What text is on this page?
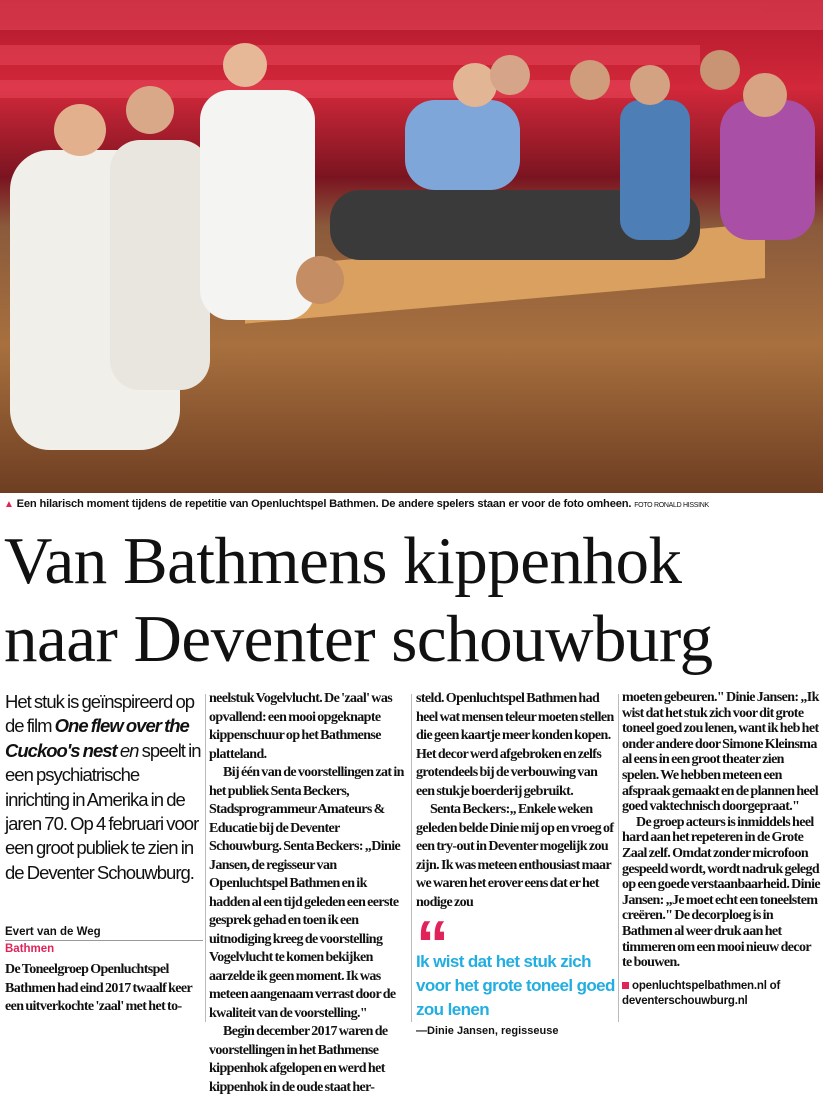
▲ Een hilarisch moment tijdens de repetitie van Openluchtspel Bathmen. De andere spelers staan er voor de foto omheen. FOTO RONALD HISSINK
Van Bathmens kippenhok
naar Deventer schouwburg
Het stuk is geïnspireerd op de film One flew over the Cuckoo's nest en speelt in een psychiatrische inrichting in Amerika in de jaren 70. Op 4 februari voor een groot publiek te zien in de Deventer Schouwburg.
Evert van de Weg
Bathmen

De Toneelgroep Openluchtspel Bathmen had eind 2017 twaalf keer een uitverkochte 'zaal' met het to-

neelstuk Vogelvlucht. De 'zaal' was opvallend: een mooi opgeknapte kippenschuur op het Bathmense platteland.

Bij één van de voorstellingen zat in het publiek Senta Beckers, Stadsprogrammeur Amateurs & Educatie bij de Deventer Schouwburg. Senta Beckers: „Dinie Jansen, de regisseur van Openluchtspel Bathmen en ik hadden al een tijd geleden een eerste gesprek gehad en toen ik een uitnodiging kreeg de voorstelling Vogelvlucht te komen bekijken aarzelde ik geen moment. Ik was meteen aangenaam verrast door de kwaliteit van de voorstelling."

Begin december 2017 waren de voorstellingen in het Bathmense kippenhok afgelopen en werd het kippenhok in de oude staat her-

steld. Openluchtspel Bathmen had heel wat mensen teleur moeten stellen die geen kaartje meer konden kopen. Het decor werd afgebroken en zelfs grotendeels bij de verbouwing van een stukje boerderij gebruikt.

Senta Beckers:„ Enkele weken geleden belde Dinie mij op en vroeg of een try-out in Deventer mogelijk zou zijn. Ik was meteen enthousiast maar we waren het erover eens dat er het nodige zou

“
Ik wist dat het stuk zich voor het grote toneel goed zou lenen
—Dinie Jansen, regisseuse

moeten gebeuren." Dinie Jansen: „Ik wist dat het stuk zich voor dit grote toneel goed zou lenen, want ik heb het onder andere door Simone Kleinsma al eens in een groot theater zien spelen. We hebben meteen een afspraak gemaakt en de plannen heel goed vaktechnisch doorgepraat."

De groep acteurs is inmiddels heel hard aan het repeteren in de Grote Zaal zelf. Omdat zonder microfoon gespeeld wordt, wordt nadruk gelegd op een goede verstaanbaarheid. Dinie Jansen: „Je moet echt een toneelstem creëren." De decorploeg is in Bathmen al weer druk aan het timmeren om een mooi nieuw decor te bouwen.

openluchtspelbathmen.nl of
deventerschouwburg.nl
